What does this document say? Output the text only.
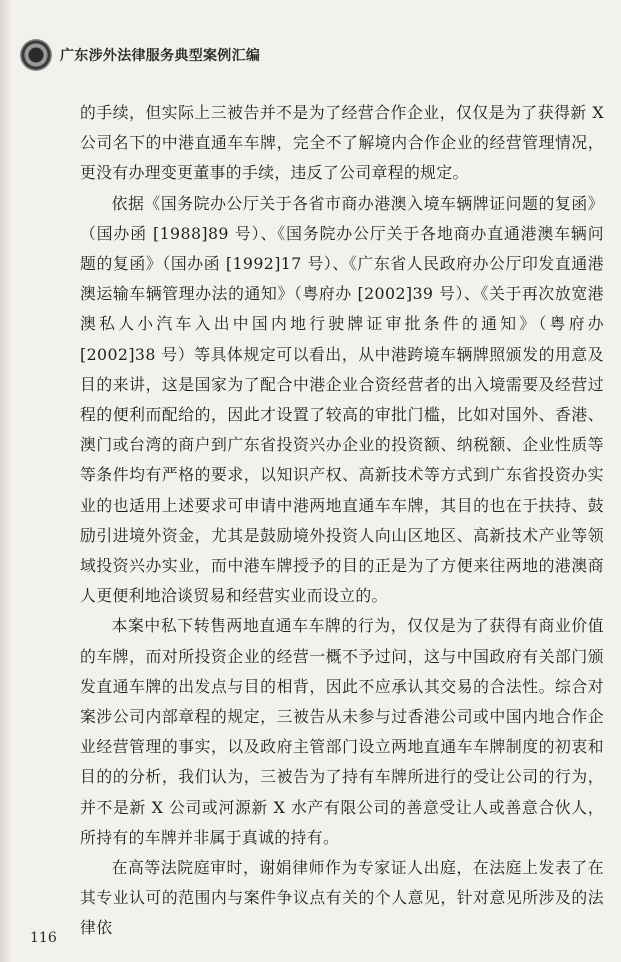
广东涉外法律服务典型案例汇编

的手续，但实际上三被告并不是为了经营合作企业，仅仅是为了获得新 X 公司名下的中港直通车车牌，完全不了解境内合作企业的经营管理情况，更没有办理变更董事的手续，违反了公司章程的规定。

依据《国务院办公厅关于各省市商办港澳入境车辆牌证问题的复函》（国办函 [1988]89 号）、《国务院办公厅关于各地商办直通港澳车辆问题的复函》（国办函 [1992]17 号）、《广东省人民政府办公厅印发直通港澳运输车辆管理办法的通知》（粤府办 [2002]39 号）、《关于再次放宽港澳私人小汽车入出中国内地行驶牌证审批条件的通知》（粤府办 [2002]38 号）等具体规定可以看出，从中港跨境车辆牌照颁发的用意及目的来讲，这是国家为了配合中港企业合资经营者的出入境需要及经营过程的便利而配给的，因此才设置了较高的审批门槛，比如对国外、香港、澳门或台湾的商户到广东省投资兴办企业的投资额、纳税额、企业性质等等条件均有严格的要求，以知识产权、高新技术等方式到广东省投资办实业的也适用上述要求可申请中港两地直通车车牌，其目的也在于扶持、鼓励引进境外资金，尤其是鼓励境外投资人向山区地区、高新技术产业等领域投资兴办实业，而中港车牌授予的目的正是为了方便来往两地的港澳商人更便利地洽谈贸易和经营实业而设立的。

本案中私下转售两地直通车车牌的行为，仅仅是为了获得有商业价值的车牌，而对所投资企业的经营一概不予过问，这与中国政府有关部门颁发直通车牌的出发点与目的相背，因此不应承认其交易的合法性。综合对案涉公司内部章程的规定，三被告从未参与过香港公司或中国内地合作企业经营管理的事实，以及政府主管部门设立两地直通车车牌制度的初衷和目的的分析，我们认为，三被告为了持有车牌所进行的受让公司的行为，并不是新 X 公司或河源新 X 水产有限公司的善意受让人或善意合伙人，所持有的车牌并非属于真诚的持有。

在高等法院庭审时，谢娟律师作为专家证人出庭，在法庭上发表了在其专业认可的范围内与案件争议点有关的个人意见，针对意见所涉及的法律依

116
